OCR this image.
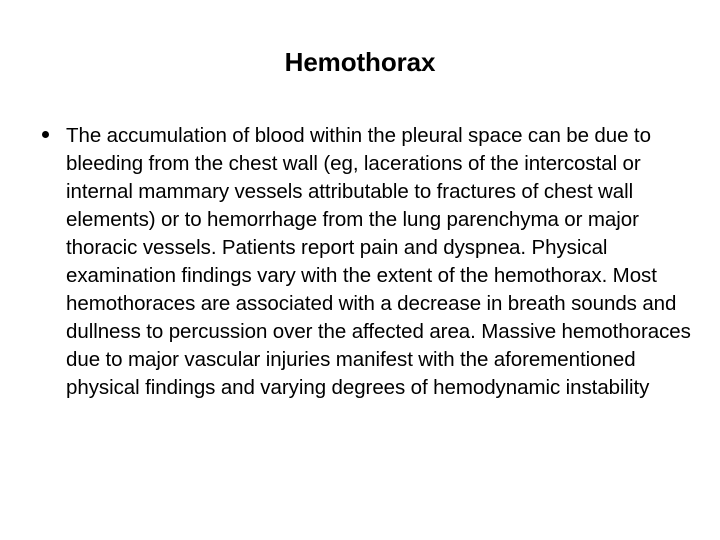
Hemothorax
The accumulation of blood within the pleural space can be due to bleeding from the chest wall (eg, lacerations of the intercostal or internal mammary vessels attributable to fractures of chest wall elements) or to hemorrhage from the lung parenchyma or major thoracic vessels. Patients report pain and dyspnea. Physical examination findings vary with the extent of the hemothorax. Most hemothoraces are associated with a decrease in breath sounds and dullness to percussion over the affected area. Massive hemothoraces due to major vascular injuries manifest with the aforementioned physical findings and varying degrees of hemodynamic instability
